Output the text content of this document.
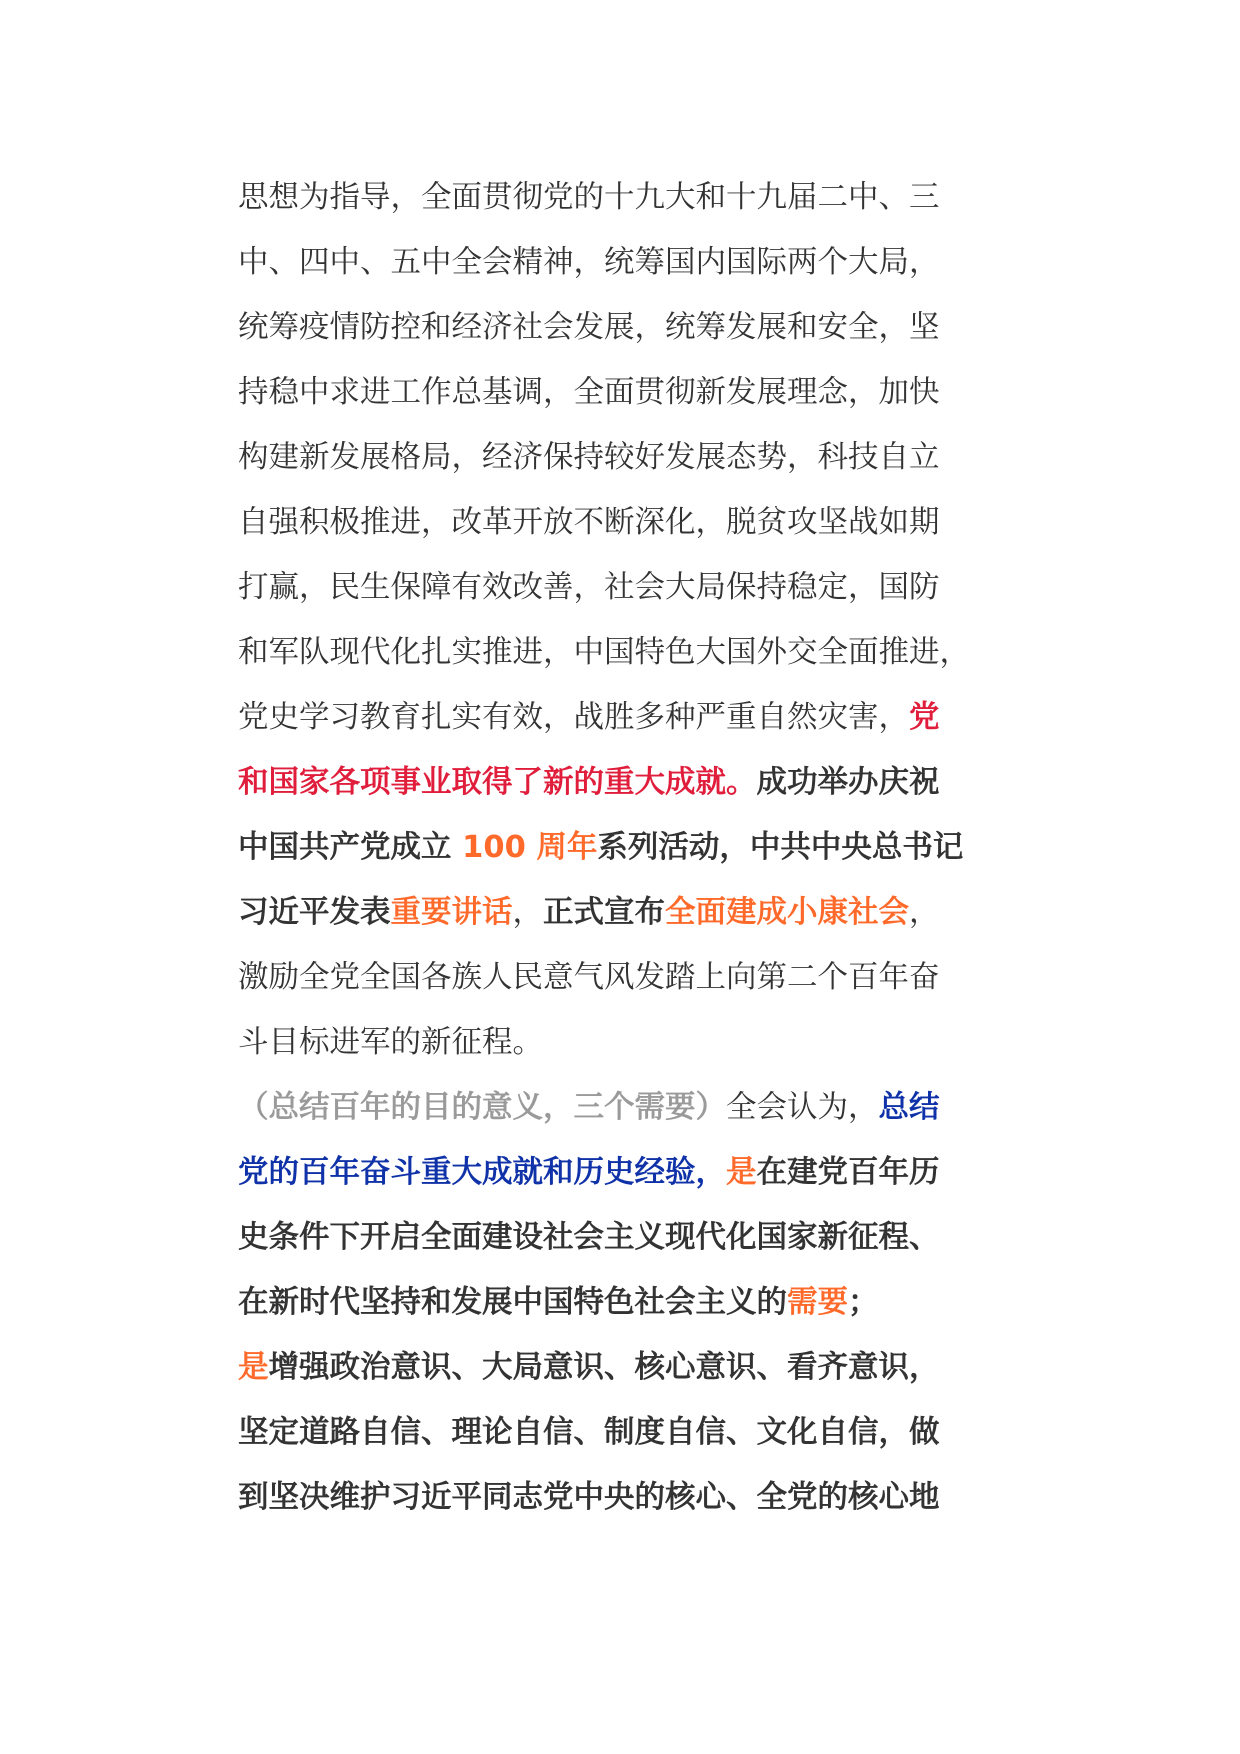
思想为指导，全面贯彻党的十九大和十九届二中、三
中、四中、五中全会精神，统筹国内国际两个大局，
统筹疫情防控和经济社会发展，统筹发展和安全，坚
持稳中求进工作总基调，全面贯彻新发展理念，加快
构建新发展格局，经济保持较好发展态势，科技自立
自强积极推进，改革开放不断深化，脱贫攻坚战如期
打赢，民生保障有效改善，社会大局保持稳定，国防
和军队现代化扎实推进，中国特色大国外交全面推进，
党史学习教育扎实有效，战胜多种严重自然灾害，党
和国家各项事业取得了新的重大成就。成功举办庆祝
中国共产党成立 100 周年系列活动，中共中央总书记
习近平发表重要讲话，正式宣布全面建成小康社会，
激励全党全国各族人民意气风发踏上向第二个百年奋
斗目标进军的新征程。
（总结百年的目的意义，三个需要）全会认为，总结
党的百年奋斗重大成就和历史经验，是在建党百年历
史条件下开启全面建设社会主义现代化国家新征程、
在新时代坚持和发展中国特色社会主义的需要；
是增强政治意识、大局意识、核心意识、看齐意识，
坚定道路自信、理论自信、制度自信、文化自信，做
到坚决维护习近平同志党中央的核心、全党的核心地
